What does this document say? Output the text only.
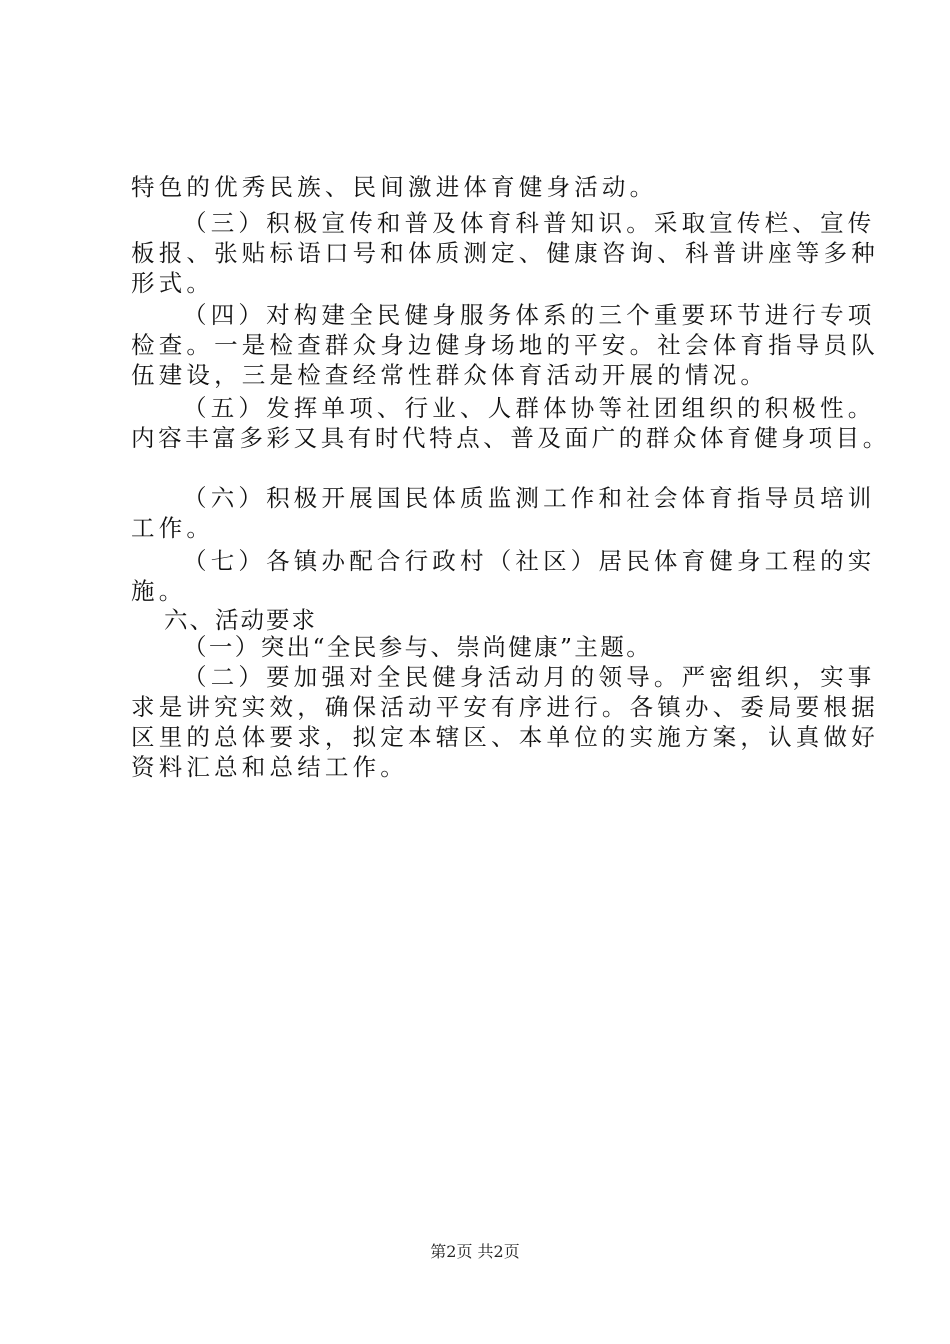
特色的优秀民族、民间激进体育健身活动。
（三）积极宣传和普及体育科普知识。采取宣传栏、宣传
板报、张贴标语口号和体质测定、健康咨询、科普讲座等多种
形式。
（四）对构建全民健身服务体系的三个重要环节进行专项
检查。一是检查群众身边健身场地的平安。社会体育指导员队
伍建设，三是检查经常性群众体育活动开展的情况。
（五）发挥单项、行业、人群体协等社团组织的积极性。
内容丰富多彩又具有时代特点、普及面广的群众体育健身项目。
（六）积极开展国民体质监测工作和社会体育指导员培训
工作。
（七）各镇办配合行政村（社区）居民体育健身工程的实
施。
六、活动要求
（一）突出“全民参与、崇尚健康”主题。
（二）要加强对全民健身活动月的领导。严密组织，实事
求是讲究实效，确保活动平安有序进行。各镇办、委局要根据
区里的总体要求，拟定本辖区、本单位的实施方案，认真做好
资料汇总和总结工作。
第2页 共2页
